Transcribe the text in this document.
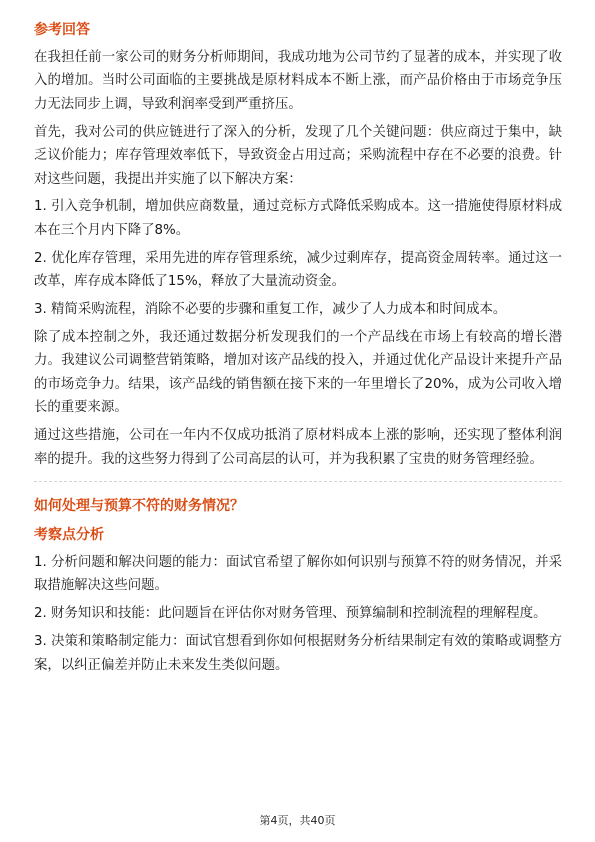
参考回答

在我担任前一家公司的财务分析师期间，我成功地为公司节约了显著的成本，并实现了收入的增加。当时公司面临的主要挑战是原材料成本不断上涨，而产品价格由于市场竞争压力无法同步上调，导致利润率受到严重挤压。

首先，我对公司的供应链进行了深入的分析，发现了几个关键问题：供应商过于集中，缺乏议价能力；库存管理效率低下，导致资金占用过高；采购流程中存在不必要的浪费。针对这些问题，我提出并实施了以下解决方案：

1. 引入竞争机制，增加供应商数量，通过竞标方式降低采购成本。这一措施使得原材料成本在三个月内下降了8%。

2. 优化库存管理，采用先进的库存管理系统，减少过剩库存，提高资金周转率。通过这一改革，库存成本降低了15%，释放了大量流动资金。

3. 精简采购流程，消除不必要的步骤和重复工作，减少了人力成本和时间成本。

除了成本控制之外，我还通过数据分析发现我们的一个产品线在市场上有较高的增长潜力。我建议公司调整营销策略，增加对该产品线的投入，并通过优化产品设计来提升产品的市场竞争力。结果，该产品线的销售额在接下来的一年里增长了20%，成为公司收入增长的重要来源。

通过这些措施，公司在一年内不仅成功抵消了原材料成本上涨的影响，还实现了整体利润率的提升。我的这些努力得到了公司高层的认可，并为我积累了宝贵的财务管理经验。

如何处理与预算不符的财务情况？
考察点分析

1. 分析问题和解决问题的能力：面试官希望了解你如何识别与预算不符的财务情况，并采取措施解决这些问题。

2. 财务知识和技能：此问题旨在评估你对财务管理、预算编制和控制流程的理解程度。

3. 决策和策略制定能力：面试官想看到你如何根据财务分析结果制定有效的策略或调整方案，以纠正偏差并防止未来发生类似问题。

第4页，共40页
